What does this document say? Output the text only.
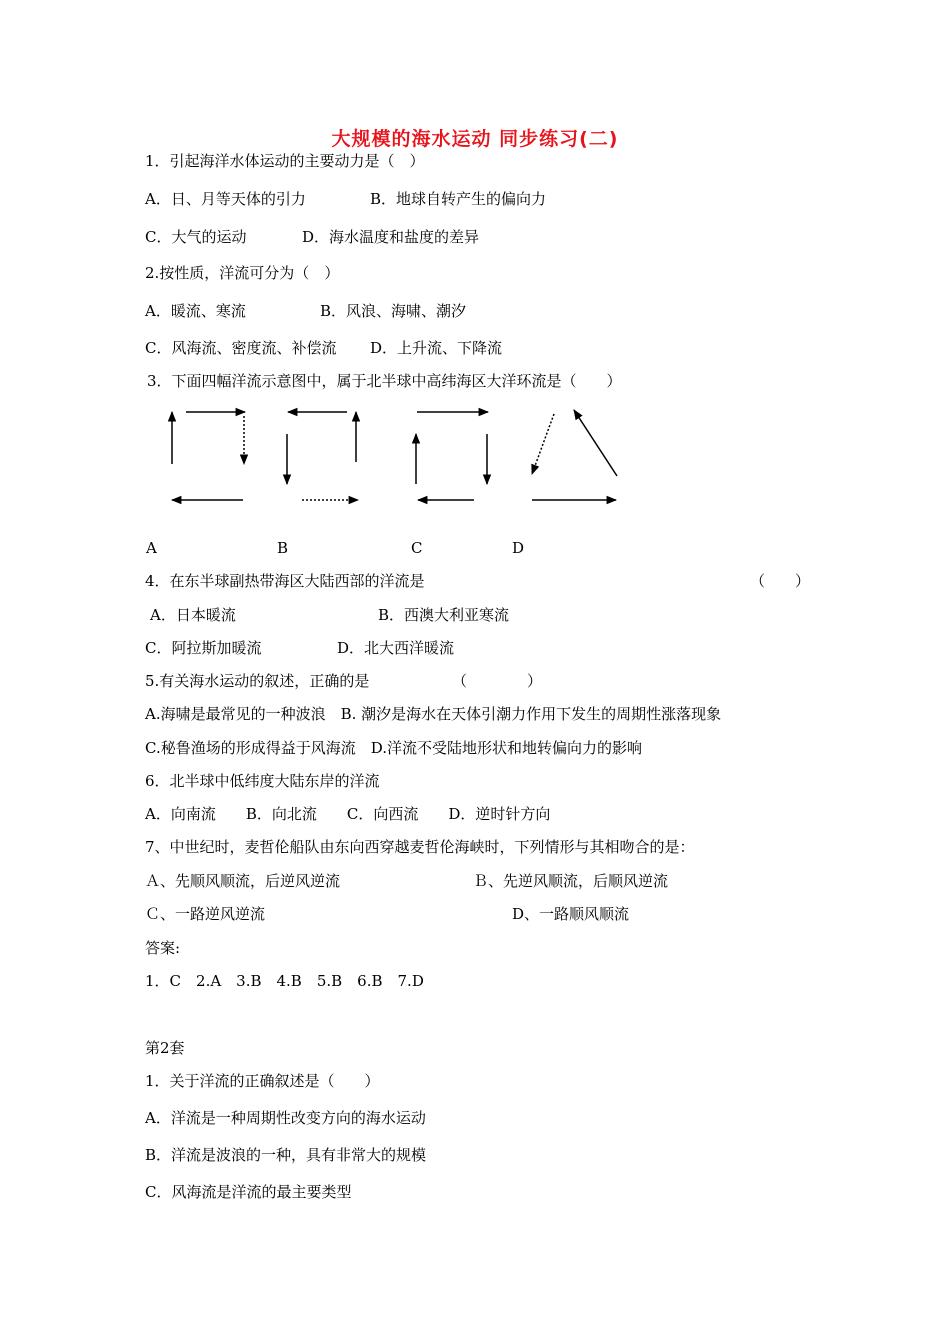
大规模的海水运动 同步练习(二)
1．引起海洋水体运动的主要动力是（　）
A．日、月等天体的引力	B．地球自转产生的偏向力
C．大气的运动	D．海水温度和盐度的差异
2.按性质，洋流可分为（　）
A．暖流、寒流	B．风浪、海啸、潮汐
C．风海流、密度流、补偿流 D．上升流、下降流
3．下面四幅洋流示意图中，属于北半球中高纬海区大洋环流是（　　）
A	B	C	D
4．在东半球副热带海区大陆西部的洋流是	（　　）
A．日本暖流	B．西澳大利亚寒流
C．阿拉斯加暖流	D．北大西洋暖流
5.有关海水运动的叙述，正确的是	（　　　　）
A.海啸是最常见的一种波浪　B. 潮汐是海水在天体引潮力作用下发生的周期性涨落现象
C.秘鲁渔场的形成得益于风海流　D.洋流不受陆地形状和地转偏向力的影响
6．北半球中低纬度大陆东岸的洋流
A．向南流　　B．向北流　　C．向西流　　D．逆时针方向
7、中世纪时，麦哲伦船队由东向西穿越麦哲伦海峡时，下列情形与其相吻合的是：
Ａ、先顺风顺流，后逆风逆流	Ｂ、先逆风顺流，后顺风逆流
Ｃ、一路逆风逆流	D、一路顺风顺流
答案:
1．C　2.A　3.B　4.B　5.B　6.B　7.D
第2套
1．关于洋流的正确叙述是（　　）
A．洋流是一种周期性改变方向的海水运动
B．洋流是波浪的一种，具有非常大的规模
C．风海流是洋流的最主要类型
